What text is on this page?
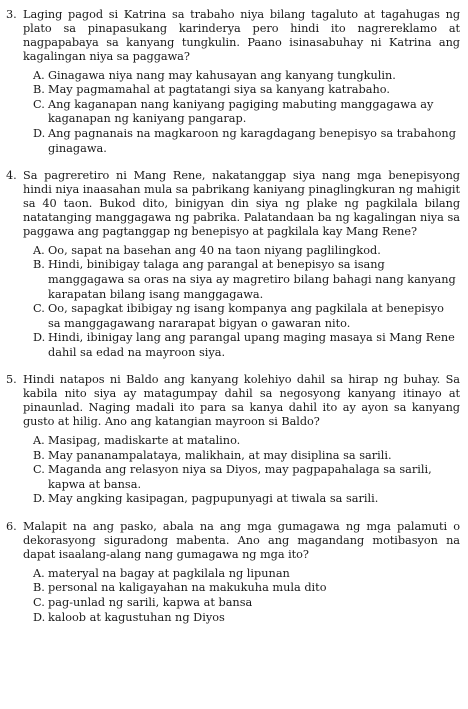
3. Laging pagod si Katrina sa trabaho niya bilang tagaluto at tagahugas ng plato sa pinapasukang karinderya pero hindi ito nagrereklamo at nagpapabaya sa kanyang tungkulin. Paano isinasabuhay ni Katrina ang kagalingan niya sa paggawa?
A. Ginagawa niya nang may kahusayan ang kanyang tungkulin.
B. May pagmamahal at pagtatangi siya sa kanyang katrabaho.
C. Ang kaganapan nang kaniyang pagiging mabuting manggagawa ay kaganapan ng kaniyang pangarap.
D. Ang pagnanais na magkaroon ng karagdagang benepisyo sa trabahong ginagawa.
4. Sa pagreretiro ni Mang Rene, nakatanggap siya nang mga benepisyong hindi niya inaasahan mula sa pabrikang kaniyang pinaglingkuran ng mahigit sa 40 taon. Bukod dito, binigyan din siya ng plake ng pagkilala bilang natatanging manggagawa ng pabrika. Palatandaan ba ng kagalingan niya sa paggawa ang pagtanggap ng benepisyo at pagkilala kay Mang Rene?
A. Oo, sapat na basehan ang 40 na taon niyang paglilingkod.
B. Hindi, binibigay talaga ang parangal at benepisyo sa isang manggagawa sa oras na siya ay magretiro bilang bahagi nang kanyang karapatan bilang isang manggagawa.
C. Oo, sapagkat ibibigay ng isang kompanya ang pagkilala at benepisyo sa manggagawang nararapat bigyan o gawaran nito.
D. Hindi, ibinigay lang ang parangal upang maging masaya si Mang Rene dahil sa edad na mayroon siya.
5. Hindi natapos ni Baldo ang kanyang kolehiyo dahil sa hirap ng buhay. Sa kabila nito siya ay matagumpay dahil sa negosyong kanyang itinayo at pinaunlad. Naging madali ito para sa kanya dahil ito ay ayon sa kanyang gusto at hilig. Ano ang katangian mayroon si Baldo?
A. Masipag, madiskarte at matalino.
B. May pananampalataya, malikhain, at may disiplina sa sarili.
C. Maganda ang relasyon niya sa Diyos, may pagpapahalaga sa sarili, kapwa at bansa.
D. May angking kasipagan, pagpupunyagi at tiwala sa sarili.
6. Malapit na ang pasko, abala na ang mga gumagawa ng mga palamuti o dekorasyong siguradong mabenta. Ano ang magandang motibasyon na dapat isaalang-alang nang gumagawa ng mga ito?
A. materyal na bagay at pagkilala ng lipunan
B. personal na kaligayahan na makukuha mula dito
C. pag-unlad ng sarili, kapwa at bansa
D. kaloob at kagustuhan ng Diyos
